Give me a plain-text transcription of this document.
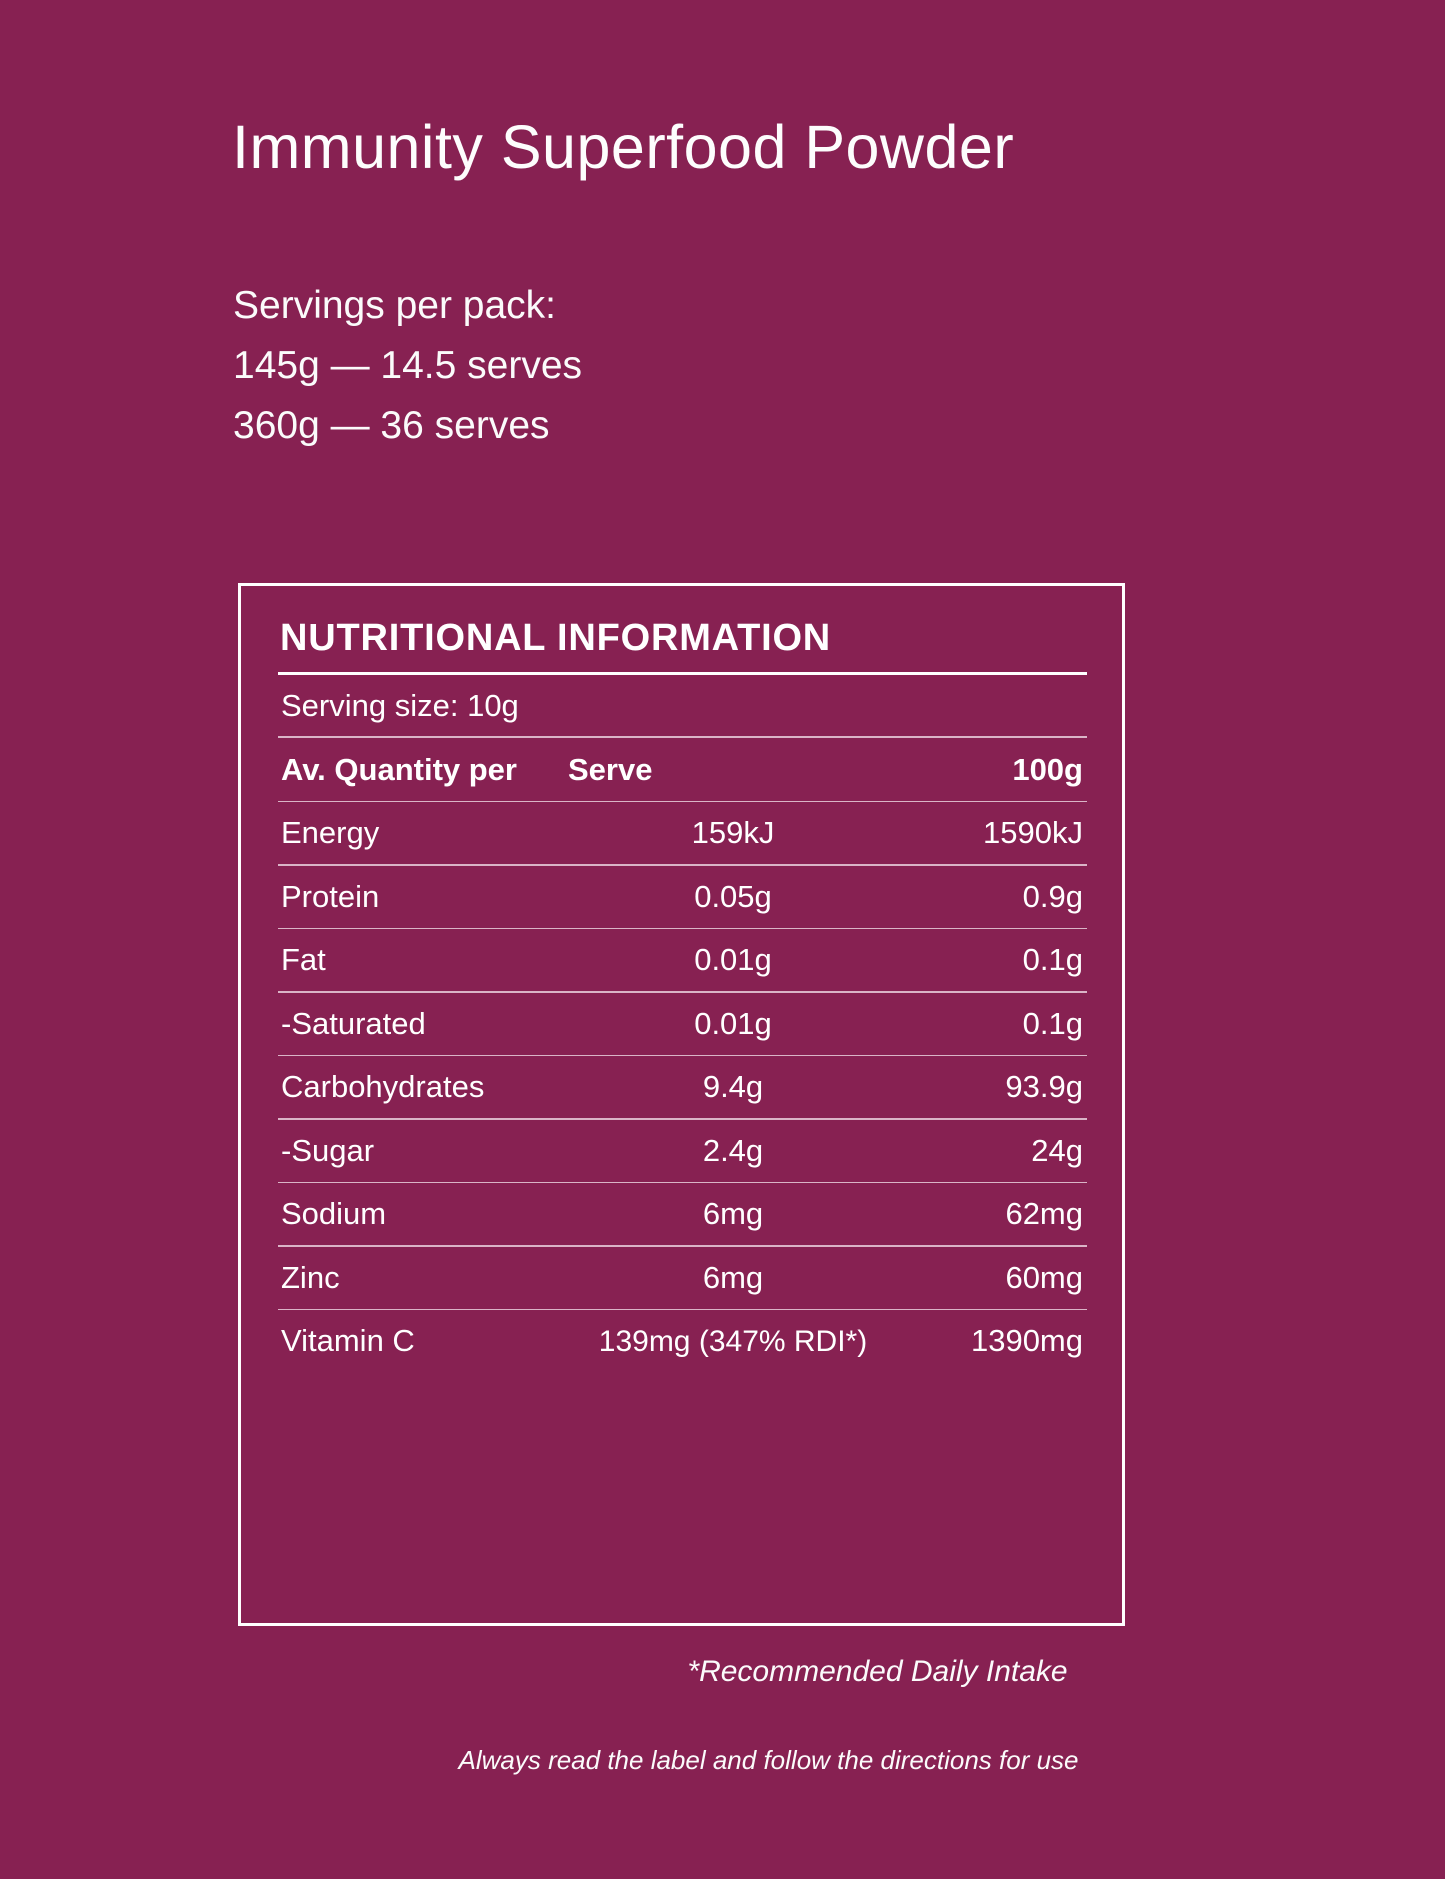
Immunity Superfood Powder
Servings per pack:
145g — 14.5 serves
360g — 36 serves
NUTRITIONAL INFORMATION
Serving size: 10g
Av. Quantity per	Serve	100g
Energy	159kJ	1590kJ
Protein	0.05g	0.9g
Fat	0.01g	0.1g
-Saturated	0.01g	0.1g
Carbohydrates	9.4g	93.9g
-Sugar	2.4g	24g
Sodium	6mg	62mg
Zinc	6mg	60mg
Vitamin C	139mg (347% RDI*)	1390mg
*Recommended Daily Intake
Always read the label and follow the directions for use
